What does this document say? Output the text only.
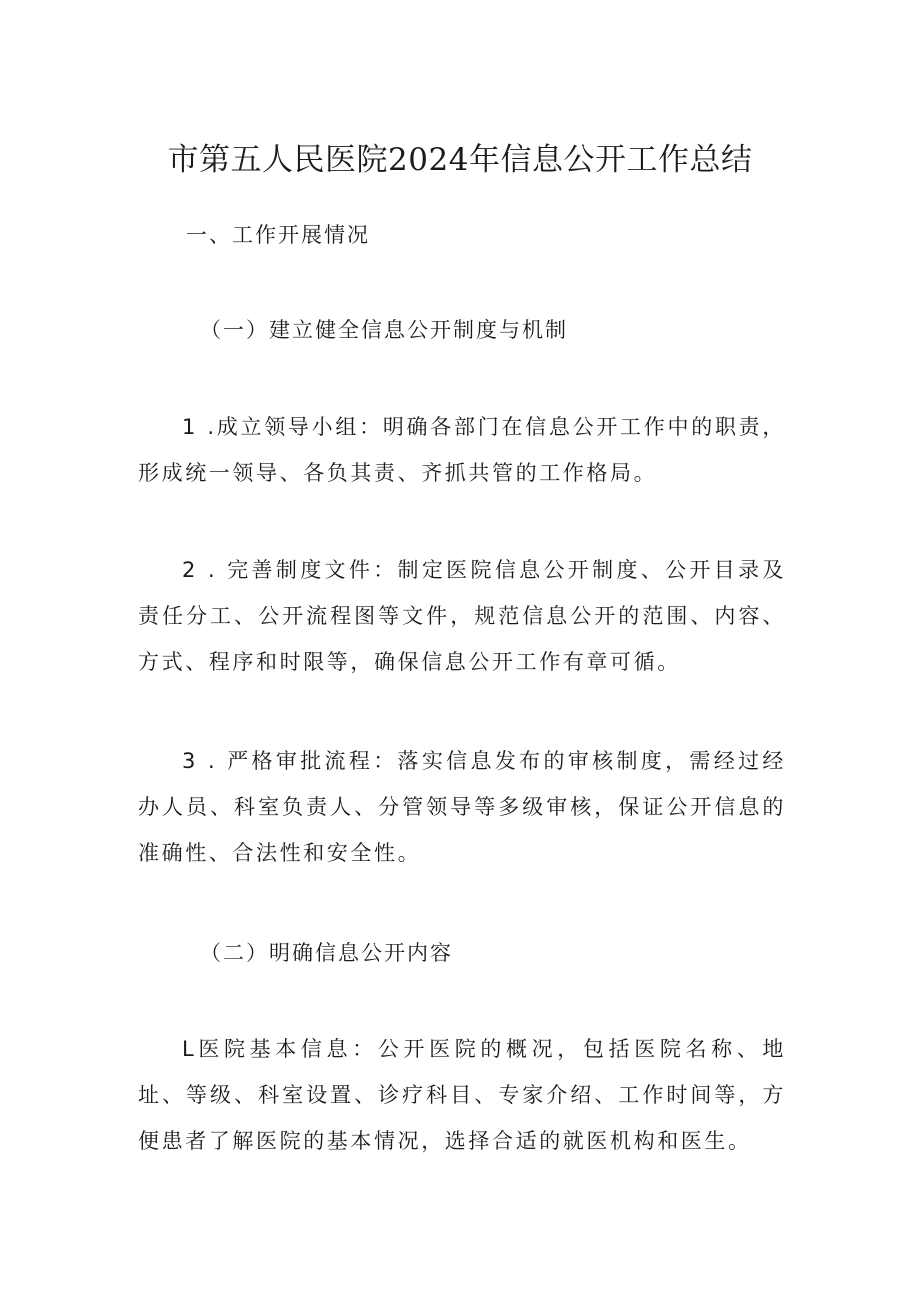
市第五人民医院2024年信息公开工作总结

一、工作开展情况

（一）建立健全信息公开制度与机制

1 .成立领导小组：明确各部门在信息公开工作中的职责，形成统一领导、各负其责、齐抓共管的工作格局。

2 . 完善制度文件：制定医院信息公开制度、公开目录及责任分工、公开流程图等文件，规范信息公开的范围、内容、方式、程序和时限等，确保信息公开工作有章可循。

3 . 严格审批流程：落实信息发布的审核制度，需经过经办人员、科室负责人、分管领导等多级审核，保证公开信息的准确性、合法性和安全性。

（二）明确信息公开内容

L医院基本信息：公开医院的概况，包括医院名称、地址、等级、科室设置、诊疗科目、专家介绍、工作时间等，方便患者了解医院的基本情况，选择合适的就医机构和医生。
